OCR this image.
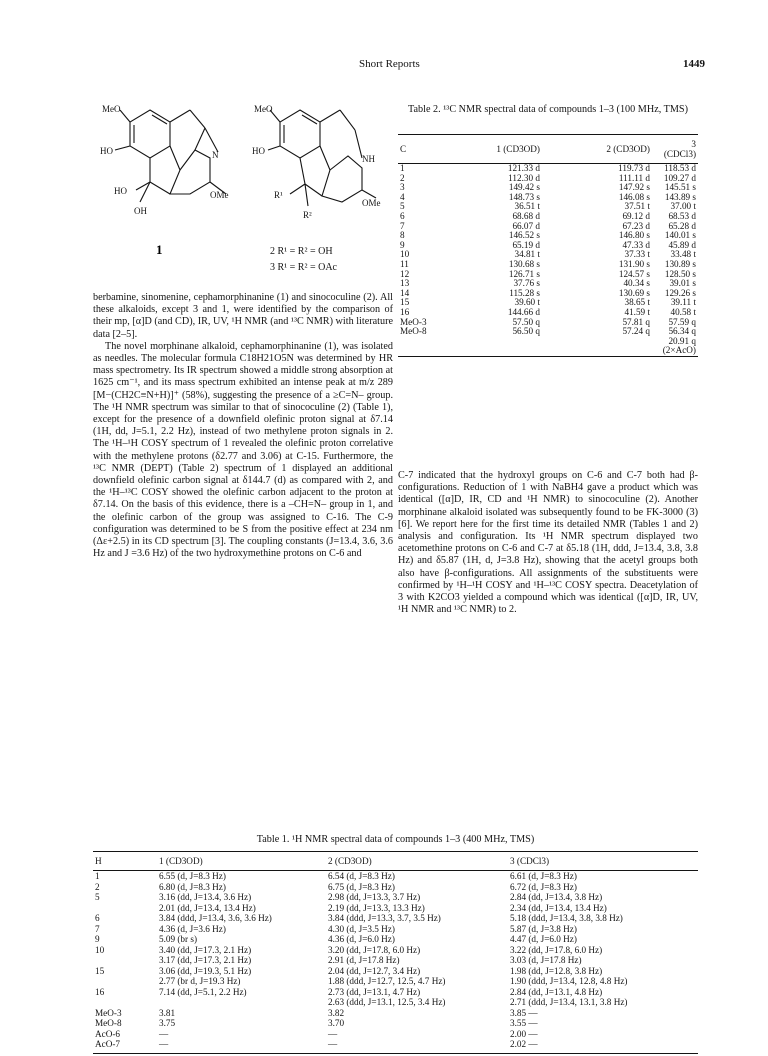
Short Reports	1449
MeO
HO
HO
OH
OMe
N
1
MeO
HO
NH
R¹
R²
OMe
2 R¹ = R² = OH
3 R¹ = R² = OAc

berbamine, sinomenine, cephamorphinanine (1) and sinococuline (2). All these alkaloids, except 3 and 1, were identified by the comparison of their mp, [α]D (and CD), IR, UV, ¹H NMR (and ¹³C NMR) with literature data [2–5].

The novel morphinane alkaloid, cephamorphinanine (1), was isolated as needles. The molecular formula C18H21O5N was determined by HR mass spectrometry. Its IR spectrum showed a middle strong absorption at 1625 cm⁻¹, and its mass spectrum exhibited an intense peak at m/z 289 [M−(CH2C≡N+H)]⁺ (58%), suggesting the presence of a ≥C=N– group. The ¹H NMR spectrum was similar to that of sinococuline (2) (Table 1), except for the presence of a downfield olefinic proton signal at δ7.14 (1H, dd, J=5.1, 2.2 Hz), instead of two methylene proton signals in 2. The ¹H–¹H COSY spectrum of 1 revealed the olefinic proton correlative with the methylene protons (δ2.77 and 3.06) at C-15. Furthermore, the ¹³C NMR (DEPT) (Table 2) spectrum of 1 displayed an additional downfield olefinic carbon signal at δ144.7 (d) as compared with 2, and the ¹H–¹³C COSY showed the olefinic carbon adjacent to the proton at δ7.14. On the basis of this evidence, there is a –CH=N– group in 1, and the olefinic carbon of the group was assigned to C-16. The C-9 configuration was determined to be S from the positive effect at 234 nm (Δε+2.5) in its CD spectrum [3]. The coupling constants (J=13.4, 3.6, 3.6 Hz and J =3.6 Hz) of the two hydroxymethine protons on C-6 and

Table 2. ¹³C NMR spectral data of compounds 1–3 (100 MHz, TMS)
C	1 (CD3OD)	2 (CD3OD)	3 (CDCl3)
1	121.33 d	119.73 d	118.53 d
2	112.30 d	111.11 d	109.27 d
3	149.42 s	147.92 s	145.51 s
4	148.73 s	146.08 s	143.89 s
5	36.51 t	37.51 t	37.00 t
6	68.68 d	69.12 d	68.53 d
7	66.07 d	67.23 d	65.28 d
8	146.52 s	146.80 s	140.01 s
9	65.19 d	47.33 d	45.89 d
10	34.81 t	37.33 t	33.48 t
11	130.68 s	131.90 s	130.89 s
12	126.71 s	124.57 s	128.50 s
13	37.76 s	40.34 s	39.01 s
14	115.28 s	130.69 s	129.26 s
15	39.60 t	38.65 t	39.11 t
16	144.66 d	41.59 t	40.58 t
MeO-3	57.50 q	57.81 q	57.59 q
MeO-8	56.50 q	57.24 q	56.34 q
			20.91 q
			(2×AcO)

C-7 indicated that the hydroxyl groups on C-6 and C-7 both had β-configurations. Reduction of 1 with NaBH4 gave a product which was identical ([α]D, IR, CD and ¹H NMR) to sinococuline (2). Another morphinane alkaloid isolated was subsequently found to be FK-3000 (3) [6]. We report here for the first time its detailed NMR (Tables 1 and 2) analysis and configuration. Its ¹H NMR spectrum displayed two acetomethine protons on C-6 and C-7 at δ5.18 (1H, ddd, J=13.4, 3.8, 3.8 Hz) and δ5.87 (1H, d, J=3.8 Hz), showing that the acetyl groups both also have β-configurations. All assignments of the substituents were confirmed by ¹H–¹H COSY and ¹H–¹³C COSY spectra. Deacetylation of 3 with K2CO3 yielded a compound which was identical ([α]D, IR, UV, ¹H NMR and ¹³C NMR) to 2.

Table 1. ¹H NMR spectral data of compounds 1–3 (400 MHz, TMS)
H	1 (CD3OD)	2 (CD3OD)	3 (CDCl3)
1	6.55 (d, J=8.3 Hz)	6.54 (d, J=8.3 Hz)	6.61 (d, J=8.3 Hz)
2	6.80 (d, J=8.3 Hz)	6.75 (d, J=8.3 Hz)	6.72 (d, J=8.3 Hz)
5	3.16 (dd, J=13.4, 3.6 Hz)	2.98 (dd, J=13.3, 3.7 Hz)	2.84 (dd, J=13.4, 3.8 Hz)
	2.01 (dd, J=13.4, 13.4 Hz)	2.19 (dd, J=13.3, 13.3 Hz)	2.34 (dd, J=13.4, 13.4 Hz)
6	3.84 (ddd, J=13.4, 3.6, 3.6 Hz)	3.84 (ddd, J=13.3, 3.7, 3.5 Hz)	5.18 (ddd, J=13.4, 3.8, 3.8 Hz)
7	4.36 (d, J=3.6 Hz)	4.30 (d, J=3.5 Hz)	5.87 (d, J=3.8 Hz)
9	5.09 (br s)	4.36 (d, J=6.0 Hz)	4.47 (d, J=6.0 Hz)
10	3.40 (dd, J=17.3, 2.1 Hz)	3.20 (dd, J=17.8, 6.0 Hz)	3.22 (dd, J=17.8, 6.0 Hz)
	3.17 (dd, J=17.3, 2.1 Hz)	2.91 (d, J=17.8 Hz)	3.03 (d, J=17.8 Hz)
15	3.06 (dd, J=19.3, 5.1 Hz)	2.04 (dd, J=12.7, 3.4 Hz)	1.98 (dd, J=12.8, 3.8 Hz)
	2.77 (br d, J=19.3 Hz)	1.88 (ddd, J=12.7, 12.5, 4.7 Hz)	1.90 (ddd, J=13.4, 12.8, 4.8 Hz)
16	7.14 (dd, J=5.1, 2.2 Hz)	2.73 (dd, J=13.1, 4.7 Hz)	2.84 (dd, J=13.1, 4.8 Hz)
		2.63 (ddd, J=13.1, 12.5, 3.4 Hz)	2.71 (ddd, J=13.4, 13.1, 3.8 Hz)
MeO-3	3.81	3.82	3.85 —
MeO-8	3.75	3.70	3.55 —
AcO-6	—	—	2.00 —
AcO-7	—	—	2.02 —
